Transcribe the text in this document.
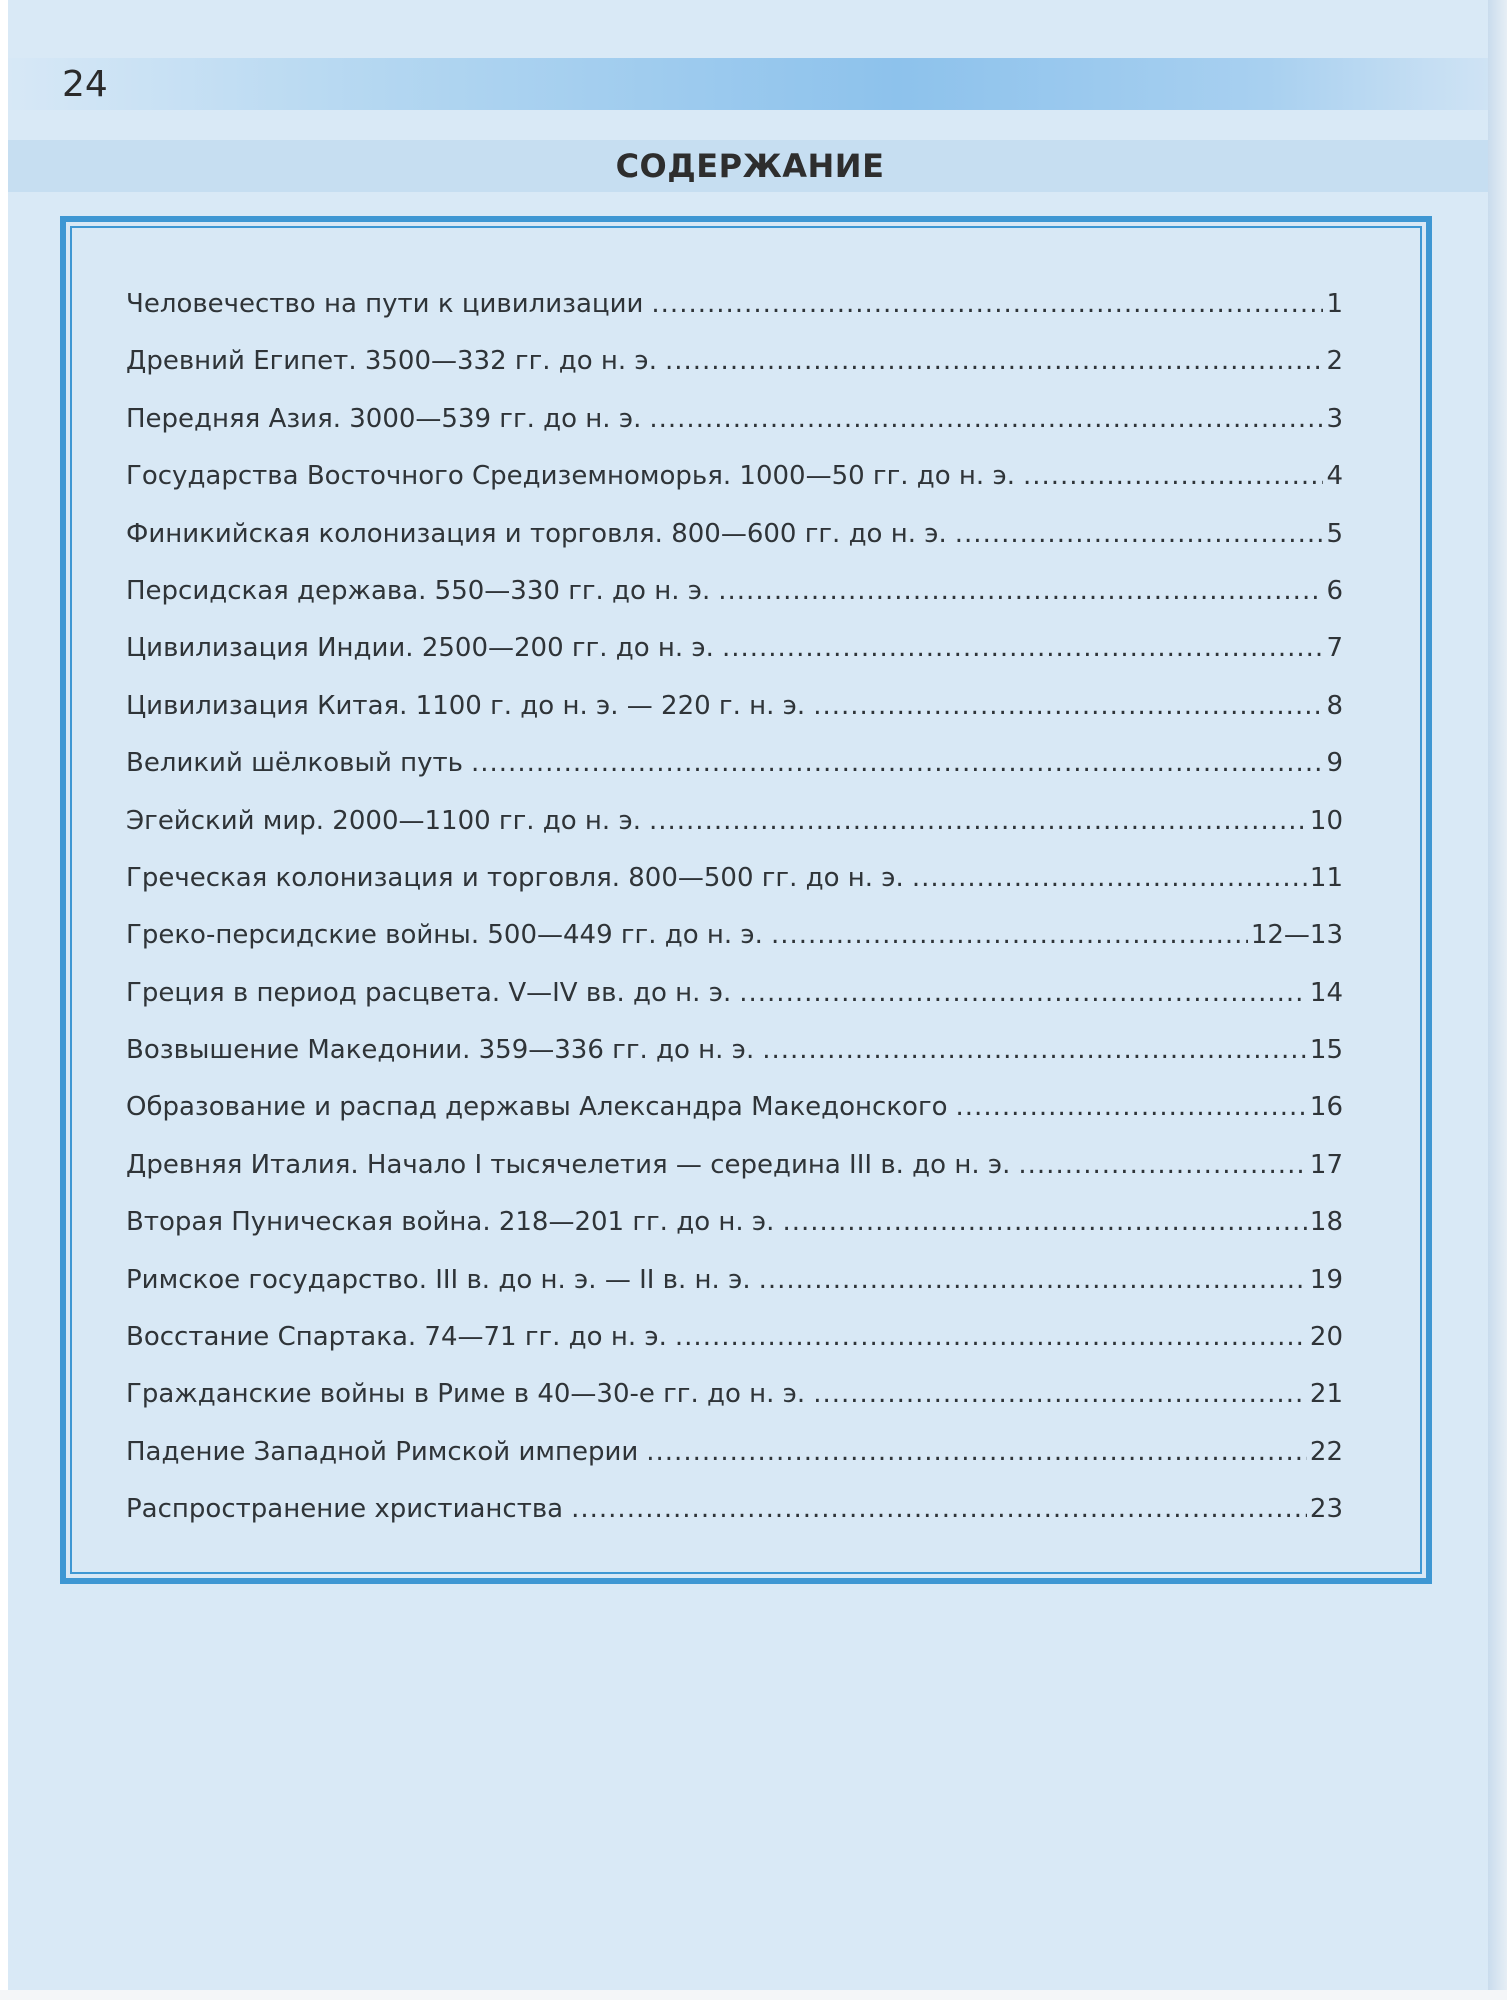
24
СОДЕРЖАНИЕ
Человечество на пути к цивилизации .....	1
Древний Египет. 3500—332 гг. до н. э. .....	2
Передняя Азия. 3000—539 гг. до н. э. .....	3
Государства Восточного Средиземноморья. 1000—50 гг. до н. э. .....	4
Финикийская колонизация и торговля. 800—600 гг. до н. э. .....	5
Персидская держава. 550—330 гг. до н. э. .....	6
Цивилизация Индии. 2500—200 гг. до н. э. .....	7
Цивилизация Китая. 1100 г. до н. э. — 220 г. н. э. .....	8
Великий шёлковый путь .....	9
Эгейский мир. 2000—1100 гг. до н. э. .....	10
Греческая колонизация и торговля. 800—500 гг. до н. э. .....	11
Греко-персидские войны. 500—449 гг. до н. э. .....	12—13
Греция в период расцвета. V—IV вв. до н. э. .....	14
Возвышение Македонии. 359—336 гг. до н. э. .....	15
Образование и распад державы Александра Македонского .....	16
Древняя Италия. Начало I тысячелетия — середина III в. до н. э. .....	17
Вторая Пуническая война. 218—201 гг. до н. э. .....	18
Римское государство. III в. до н. э. — II в. н. э. .....	19
Восстание Спартака. 74—71 гг. до н. э. .....	20
Гражданские войны в Риме в 40—30-е гг. до н. э. .....	21
Падение Западной Римской империи .....	22
Распространение христианства .....	23
